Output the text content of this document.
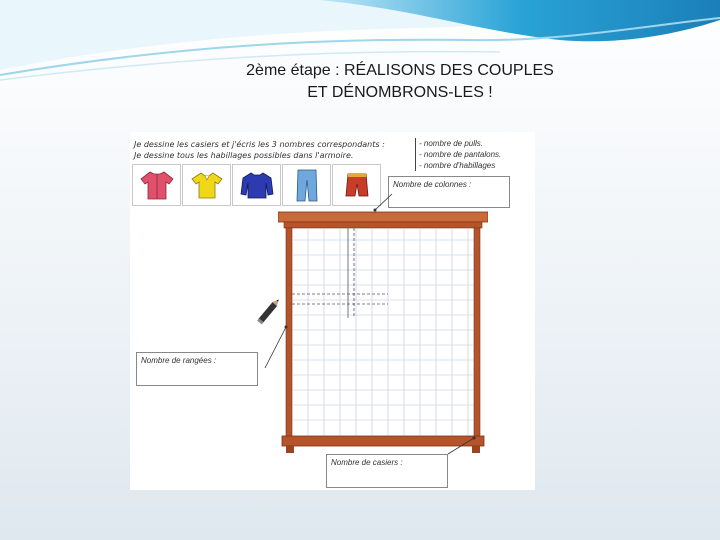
2ème étape : RÉALISONS DES COUPLES
ET DÉNOMBRONS-LES !
Je dessine les casiers et j'écris les 3 nombres correspondants :
Je dessine tous les habillages possibles dans l'armoire.
- nombre de pulls.
- nombre de pantalons.
- nombre d'habillages
Nombre de colonnes :
Nombre de rangées :
Nombre de casiers :
